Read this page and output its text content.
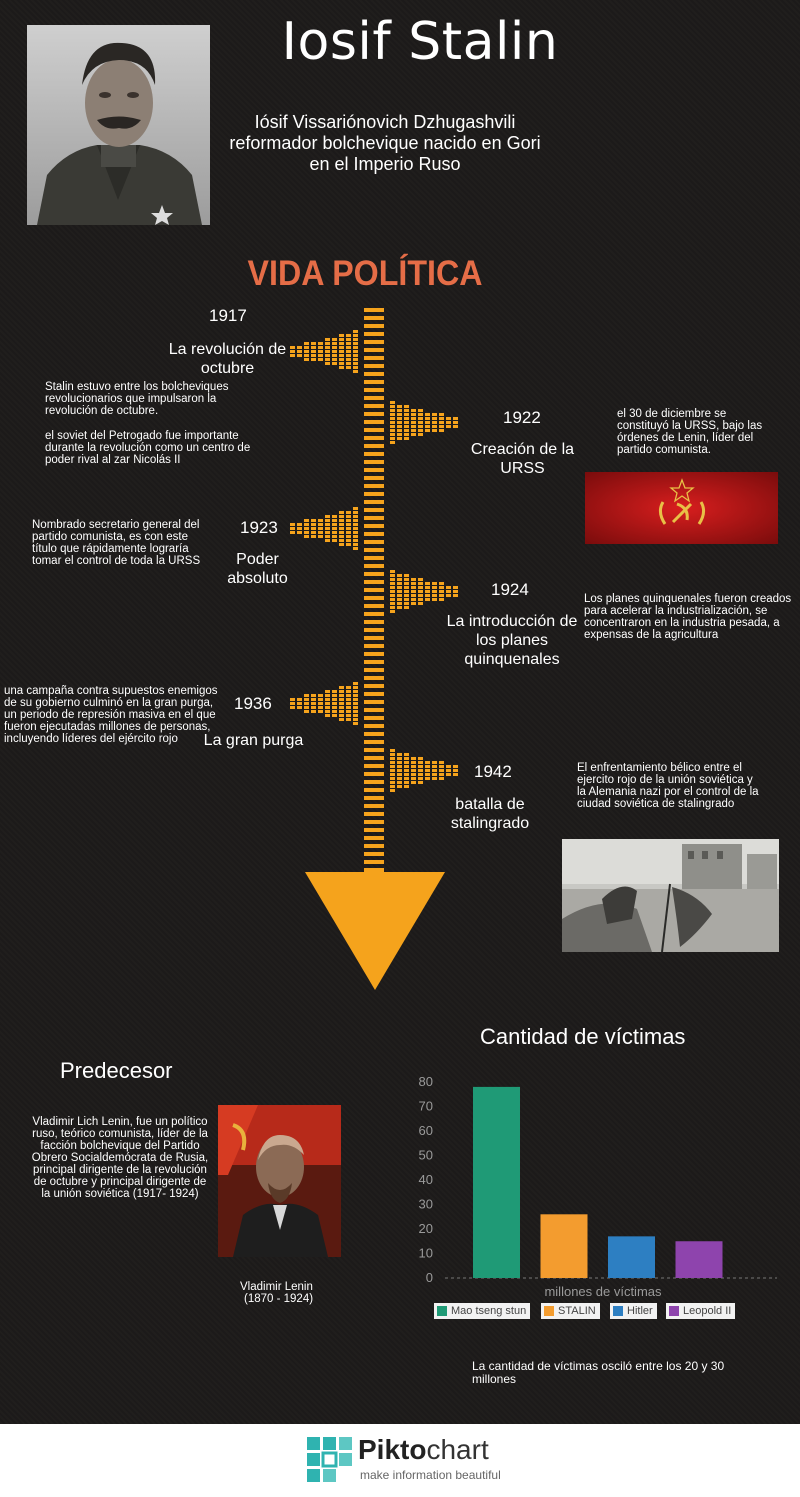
Iosif Stalin
Iósif Vissariónovich Dzhugashvili reformador bolchevique nacido en Gori en el Imperio Ruso
VIDA POLÍTICA
1917
La revolución de octubre
Stalin estuvo entre los bolcheviques revolucionarios que impulsaron la revolución de octubre.
el soviet del Petrogado fue importante durante la revolución como un centro de poder rival al zar Nicolás II
1922
Creación de la URSS
el 30 de diciembre se constituyó la URSS, bajo las órdenes de Lenin, líder del partido comunista.
1923
Poder absoluto
Nombrado secretario general del partido comunista, es con este título que rápidamente lograría tomar el control de toda la URSS
1924
La introducción de los planes quinquenales
Los planes quinquenales fueron creados para acelerar la industrialización, se concentraron en la industria pesada, a expensas de la agricultura
1936
La gran purga
una campaña contra supuestos enemigos de su gobierno culminó en la gran purga, un periodo de represión masiva en el que fueron ejecutadas millones de personas, incluyendo líderes del ejército rojo
1942
batalla de stalingrado
El enfrentamiento bélico entre el ejercito rojo de la unión soviética y la Alemania nazi por el control de la ciudad soviética de stalingrado
Predecesor
Vladimir Lich Lenin, fue un político ruso, teórico comunista, líder de la facción bolchevique del Partido Obrero Socialdemócrata de Rusia, principal dirigente de la revolución de octubre y principal dirigente de la unión soviética (1917- 1924)
Vladimir Lenin
(1870 - 1924)
Cantidad de víctimas
0
10
20
30
40
50
60
70
80
millones de víctimas
Mao tseng stun	STALIN	Hitler	Leopold II
La cantidad de víctimas osciló entre los 20 y 30 millones
Piktochart
make information beautiful
